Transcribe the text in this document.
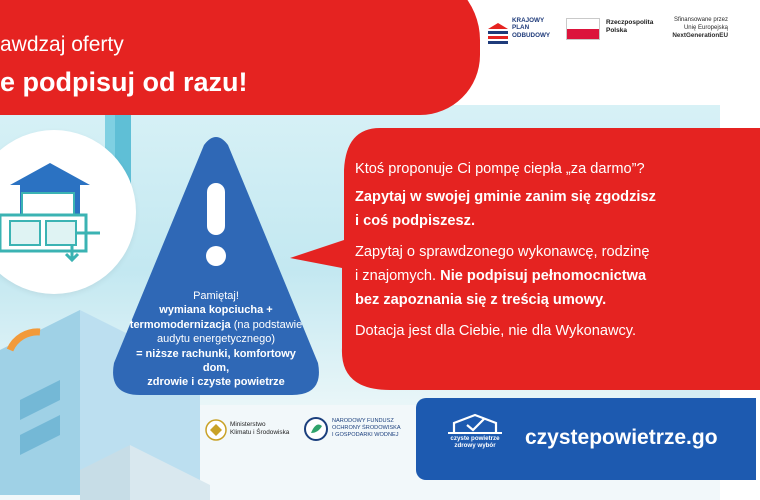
awdzaj oferty
e podpisuj od razu!
KRAJOWY
PLAN
ODBUDOWY
Rzeczpospolita
Polska
Sfinansowane przez
Unię Europejską
NextGenerationEU
Pamiętaj!
wymiana kopciucha +
termomodernizacja (na podstawie
audytu energetycznego)
= niższe rachunki, komfortowy dom,
zdrowie i czyste powietrze

Ktoś proponuje Ci pompę ciepła „za darmo”?

Zapytaj w swojej gminie zanim się zgodzisz
i coś podpiszesz.

Zapytaj o sprawdzonego wykonawcę, rodzinę
i znajomych. Nie podpisuj pełnomocnictwa
bez zapoznania się z treścią umowy.

Dotacja jest dla Ciebie, nie dla Wykonawcy.

Ministerstwo
Klimatu i Środowiska
NARODOWY FUNDUSZ
OCHRONY ŚRODOWISKA
I GOSPODARKI WODNEJ
czyste powietrze
zdrowy wybór	czystepowietrze.go
